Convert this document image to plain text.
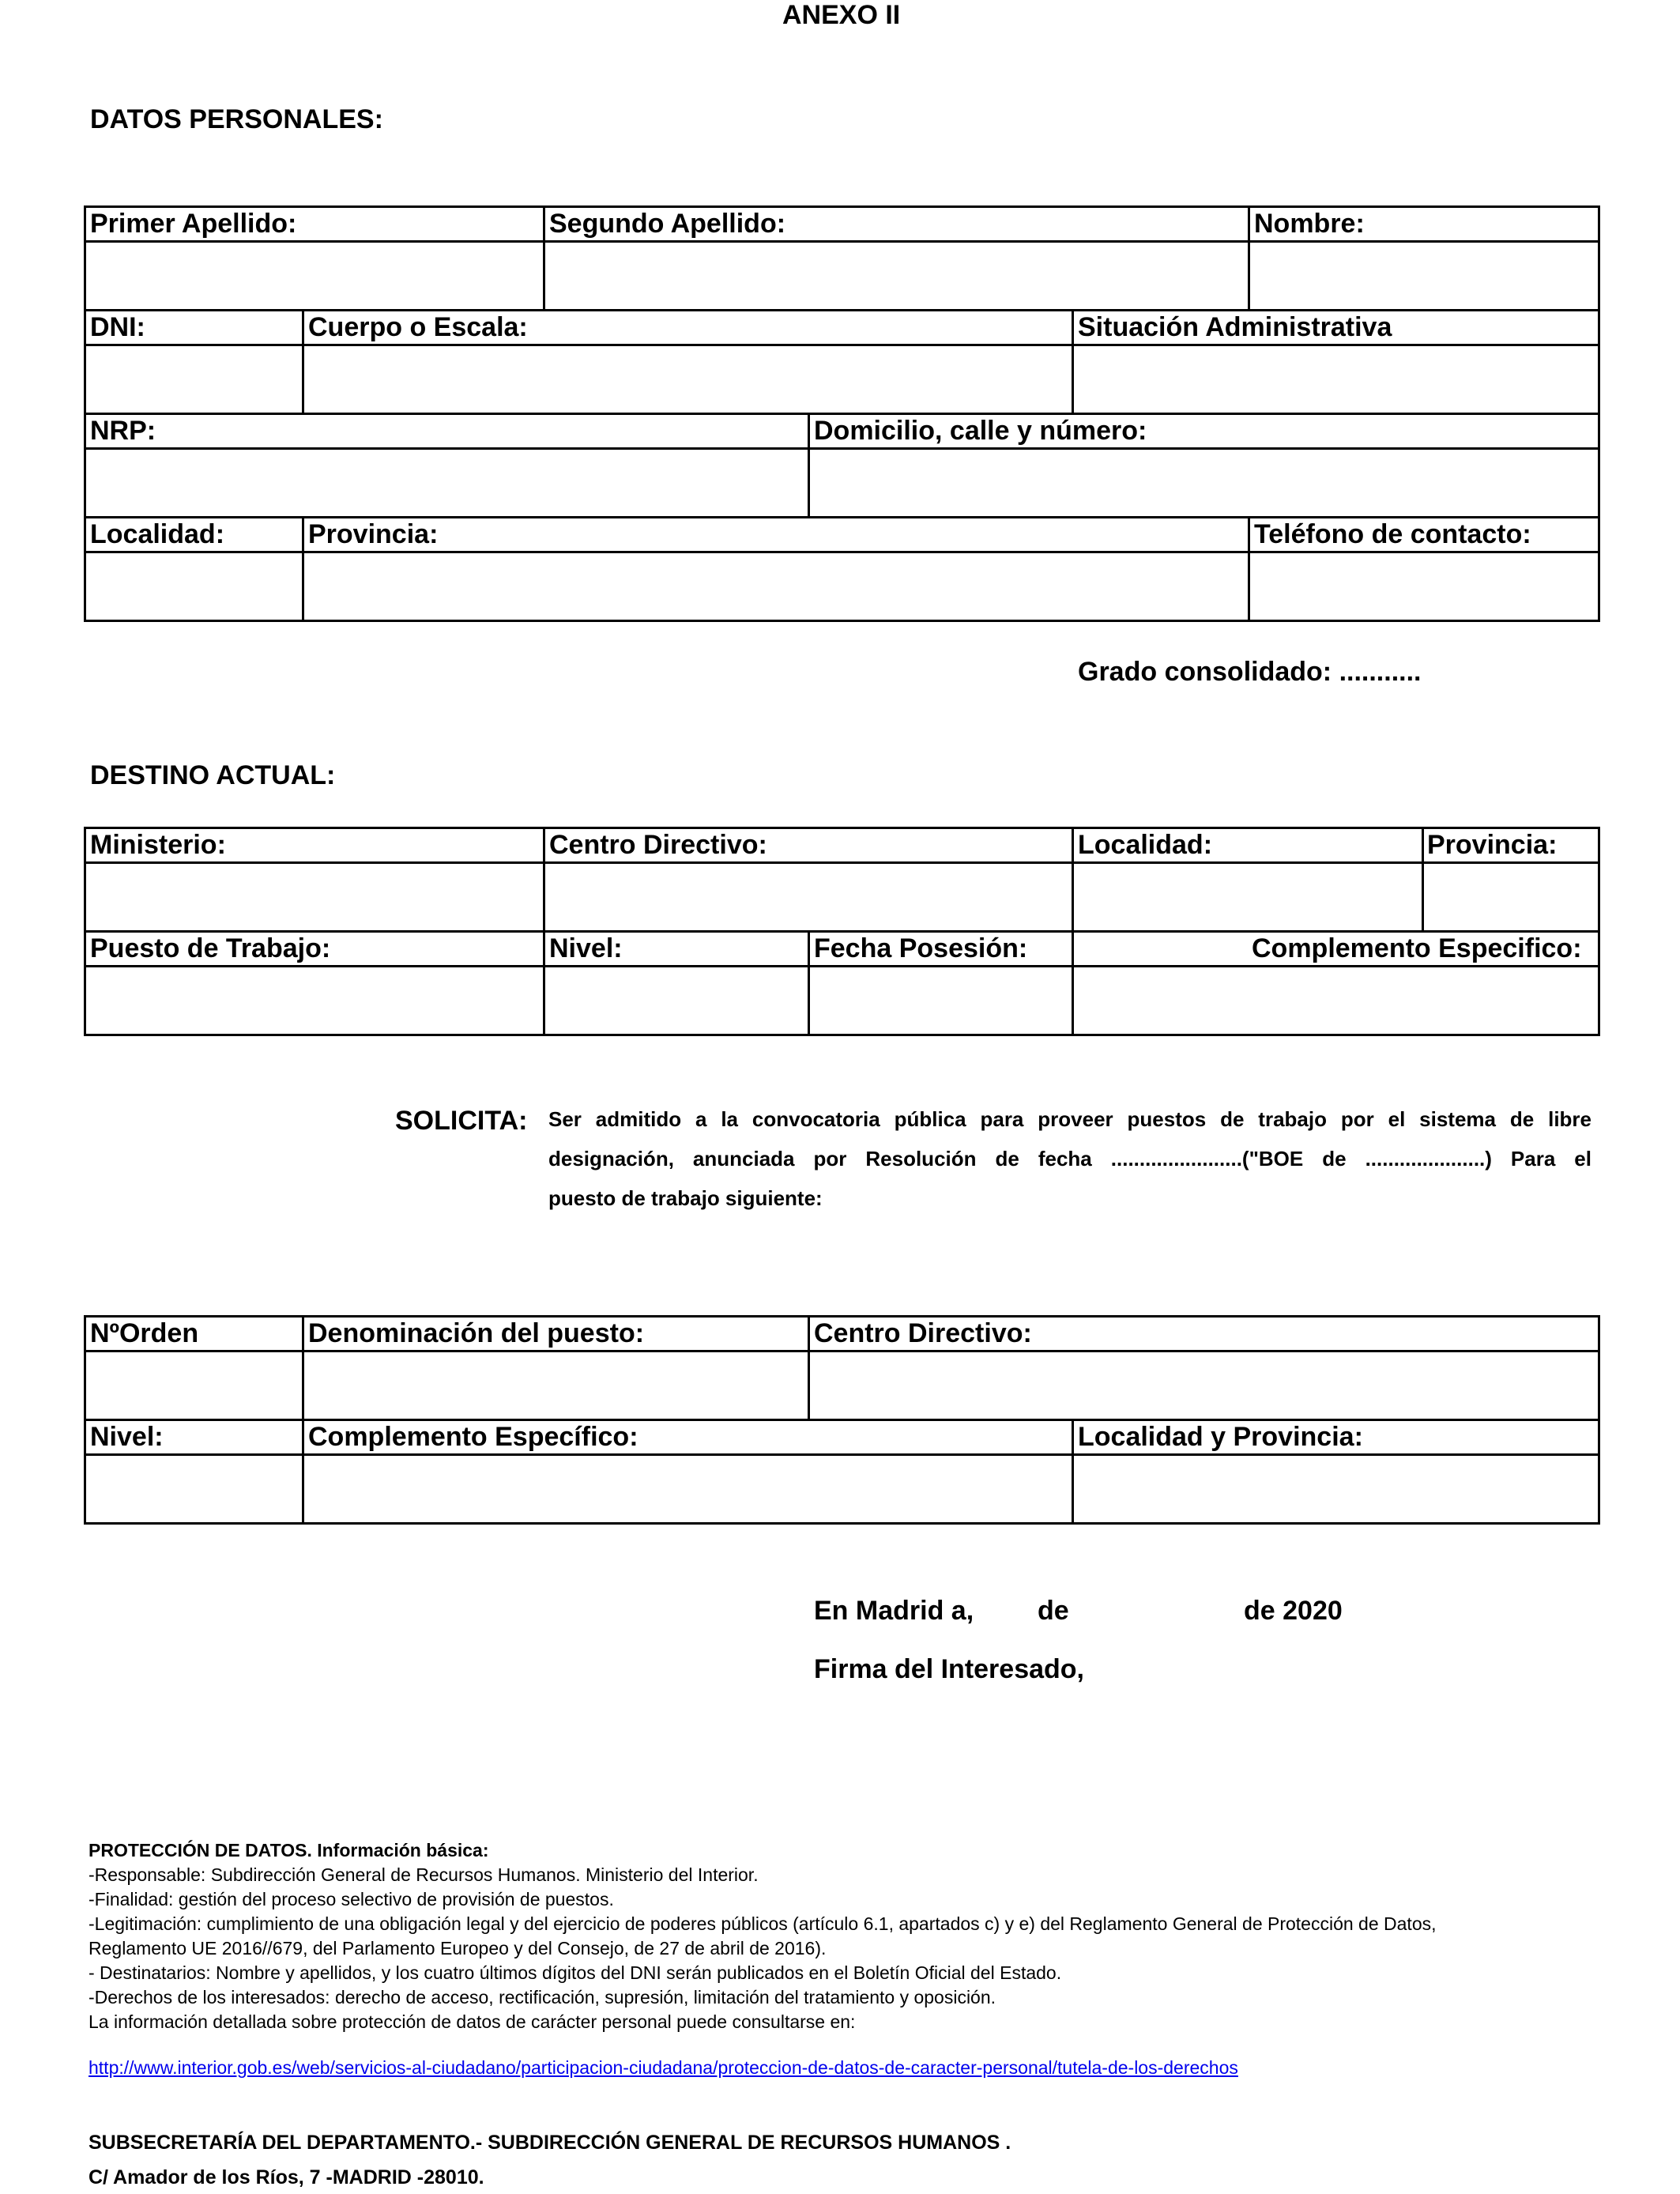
ANEXO II
DATOS PERSONALES:
Primer Apellido:	Segundo Apellido:	Nombre:
DNI:	Cuerpo o Escala:	Situación Administrativa
NRP:	Domicilio, calle y número:
Localidad:	Provincia:	Teléfono de contacto:
Grado consolidado: ...........
DESTINO ACTUAL:
Ministerio:	Centro Directivo:	Localidad:	Provincia:
Puesto de Trabajo:	Nivel:	Fecha Posesión:	Complemento Especifico:
SOLICITA: Ser admitido a la convocatoria pública para proveer puestos de trabajo por el sistema de libre
designación, anunciada por Resolución de fecha .......................("BOE de .....................) Para el
puesto de trabajo siguiente:
NºOrden	Denominación del puesto:	Centro Directivo:
Nivel:	Complemento Específico:	Localidad y Provincia:
En Madrid a, de	de 2020
Firma del Interesado,
PROTECCIÓN DE DATOS. Información básica:
-Responsable: Subdirección General de Recursos Humanos. Ministerio del Interior.
-Finalidad: gestión del proceso selectivo de provisión de puestos.
-Legitimación: cumplimiento de una obligación legal y del ejercicio de poderes públicos (artículo 6.1, apartados c) y e) del Reglamento General de Protección de Datos,
Reglamento UE 2016//679, del Parlamento Europeo y del Consejo, de 27 de abril de 2016).
- Destinatarios: Nombre y apellidos, y los cuatro últimos dígitos del DNI serán publicados en el Boletín Oficial del Estado.
-Derechos de los interesados: derecho de acceso, rectificación, supresión, limitación del tratamiento y oposición.
La información detallada sobre protección de datos de carácter personal puede consultarse en:
http://www.interior.gob.es/web/servicios-al-ciudadano/participacion-ciudadana/proteccion-de-datos-de-caracter-personal/tutela-de-los-derechos
SUBSECRETARÍA DEL DEPARTAMENTO.- SUBDIRECCIÓN GENERAL DE RECURSOS HUMANOS .
C/ Amador de los Ríos, 7 -MADRID -28010.
